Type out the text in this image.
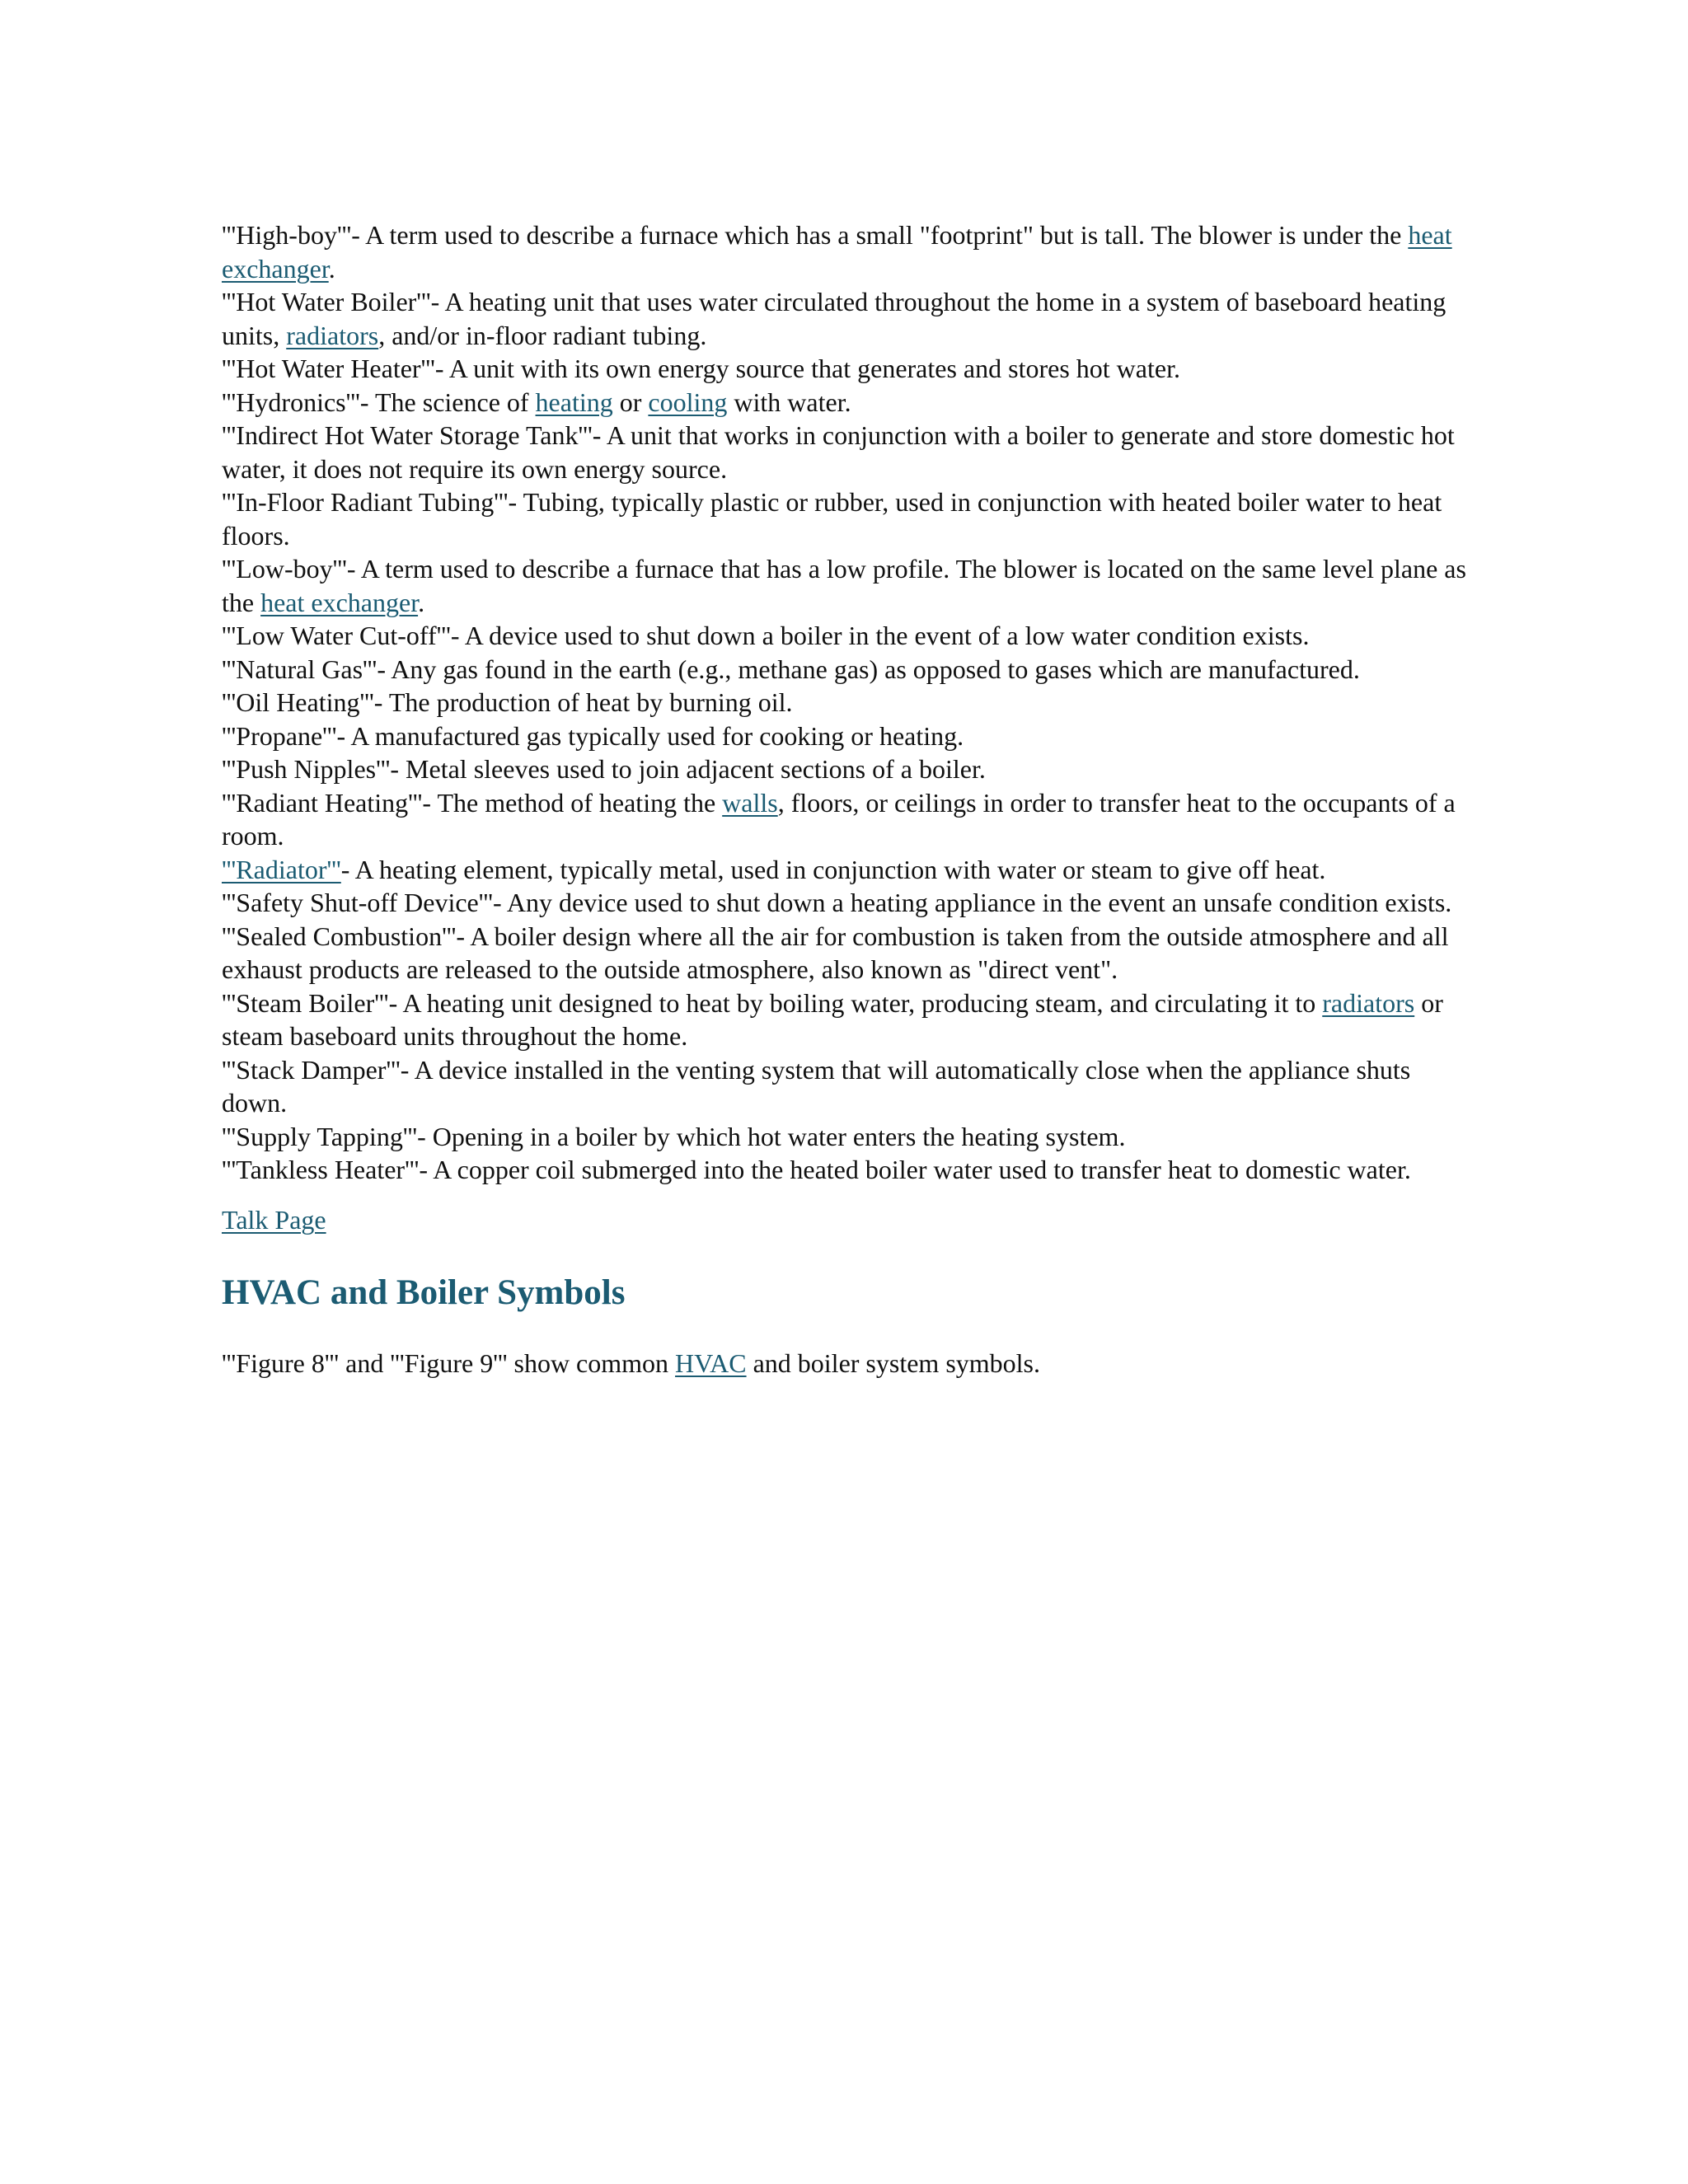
'''High-boy'''- A term used to describe a furnace which has a small "footprint" but is tall. The blower is under the heat exchanger.

'''Hot Water Boiler'''- A heating unit that uses water circulated throughout the home in a system of baseboard heating units, radiators, and/or in-floor radiant tubing.

'''Hot Water Heater'''- A unit with its own energy source that generates and stores hot water.

'''Hydronics'''- The science of heating or cooling with water.

'''Indirect Hot Water Storage Tank'''- A unit that works in conjunction with a boiler to generate and store domestic hot water, it does not require its own energy source.

'''In-Floor Radiant Tubing'''- Tubing, typically plastic or rubber, used in conjunction with heated boiler water to heat floors.

'''Low-boy'''- A term used to describe a furnace that has a low profile. The blower is located on the same level plane as the heat exchanger.

'''Low Water Cut-off'''- A device used to shut down a boiler in the event of a low water condition exists.

'''Natural Gas'''- Any gas found in the earth (e.g., methane gas) as opposed to gases which are manufactured.

'''Oil Heating'''- The production of heat by burning oil.

'''Propane'''- A manufactured gas typically used for cooking or heating.

'''Push Nipples'''- Metal sleeves used to join adjacent sections of a boiler.

'''Radiant Heating'''- The method of heating the walls, floors, or ceilings in order to transfer heat to the occupants of a room.

'''Radiator'''- A heating element, typically metal, used in conjunction with water or steam to give off heat.

'''Safety Shut-off Device'''- Any device used to shut down a heating appliance in the event an unsafe condition exists.

'''Sealed Combustion'''- A boiler design where all the air for combustion is taken from the outside atmosphere and all exhaust products are released to the outside atmosphere, also known as "direct vent".

'''Steam Boiler'''- A heating unit designed to heat by boiling water, producing steam, and circulating it to radiators or steam baseboard units throughout the home.

'''Stack Damper'''- A device installed in the venting system that will automatically close when the appliance shuts down.

'''Supply Tapping'''- Opening in a boiler by which hot water enters the heating system.

'''Tankless Heater'''- A copper coil submerged into the heated boiler water used to transfer heat to domestic water.

Talk Page
HVAC and Boiler Symbols

'''Figure 8''' and '''Figure 9''' show common HVAC and boiler system symbols.
